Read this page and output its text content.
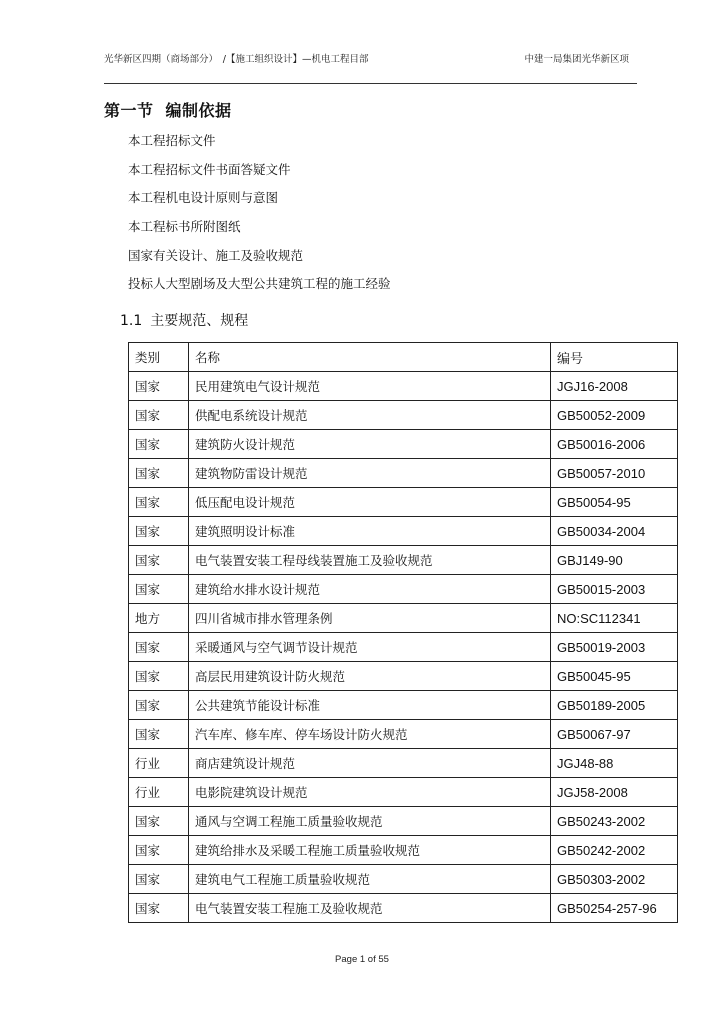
光华新区四期（商场部分）　/【施工组织设计】—机电工程目部	中建一局集团光华新区项
第一节 编制依据
本工程招标文件
本工程招标文件书面答疑文件
本工程机电设计原则与意图
本工程标书所附图纸
国家有关设计、施工及验收规范
投标人大型剧场及大型公共建筑工程的施工经验
1.1 主要规范、规程
类别	名称	编号
国家	民用建筑电气设计规范	JGJ16-2008
国家	供配电系统设计规范	GB50052-2009
国家	建筑防火设计规范	GB50016-2006
国家	建筑物防雷设计规范	GB50057-2010
国家	低压配电设计规范	GB50054-95
国家	建筑照明设计标准	GB50034-2004
国家	电气装置安装工程母线装置施工及验收规范	GBJ149-90
国家	建筑给水排水设计规范	GB50015-2003
地方	四川省城市排水管理条例	NO:SC112341
国家	采暖通风与空气调节设计规范	GB50019-2003
国家	高层民用建筑设计防火规范	GB50045-95
国家	公共建筑节能设计标准	GB50189-2005
国家	汽车库、修车库、停车场设计防火规范	GB50067-97
行业	商店建筑设计规范	JGJ48-88
行业	电影院建筑设计规范	JGJ58-2008
国家	通风与空调工程施工质量验收规范	GB50243-2002
国家	建筑给排水及采暖工程施工质量验收规范	GB50242-2002
国家	建筑电气工程施工质量验收规范	GB50303-2002
国家	电气装置安装工程施工及验收规范	GB50254-257-96
Page 1 of 55
